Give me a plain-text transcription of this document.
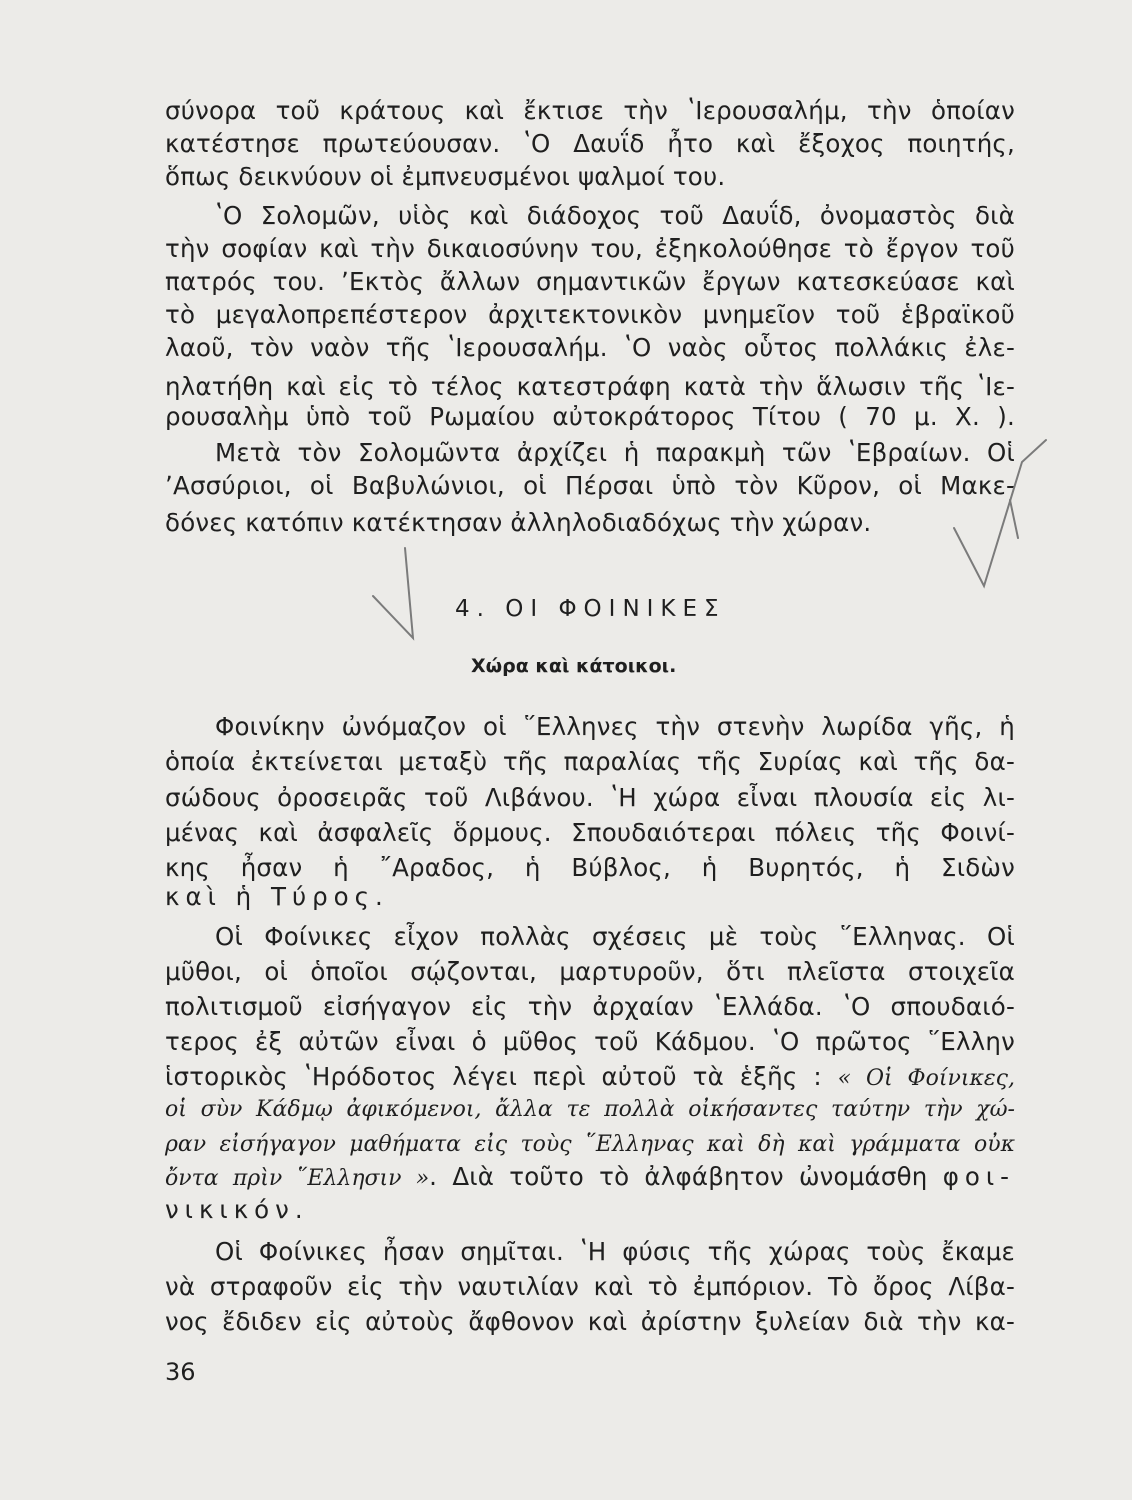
σύνορα τοῦ κράτους καὶ ἔκτισε τὴν ʽΙερουσαλήμ, τὴν ὁποίαν
κατέστησε πρωτεύουσαν. ʽΟ Δαυΐδ ἦτο καὶ ἔξοχος ποιητής,
ὅπως δεικνύουν οἱ ἐμπνευσμένοι ψαλμοί του.
ʽΟ Σολομῶν, υἱὸς καὶ διάδοχος τοῦ Δαυΐδ, ὀνομαστὸς διὰ
τὴν σοφίαν καὶ τὴν δικαιοσύνην του, ἐξηκολούθησε τὸ ἔργον τοῦ
πατρός του. ʼΕκτὸς ἄλλων σημαντικῶν ἔργων κατεσκεύασε καὶ
τὸ μεγαλοπρεπέστερον ἀρχιτεκτονικὸν μνημεῖον τοῦ ἑβραϊκοῦ
λαοῦ, τὸν ναὸν τῆς ʽΙερουσαλήμ. ʽΟ ναὸς οὗτος πολλάκις ἐλε-
ηλατήθη καὶ εἰς τὸ τέλος κατεστράφη κατὰ τὴν ἅλωσιν τῆς ʽΙε-
ρουσαλὴμ ὑπὸ τοῦ Ρωμαίου αὐτοκράτορος Τίτου ( 70 μ. Χ. ).
Μετὰ τὸν Σολομῶντα ἀρχίζει ἡ παρακμὴ τῶν ʽΕβραίων. Οἱ
ʼΑσσύριοι, οἱ Βαβυλώνιοι, οἱ Πέρσαι ὑπὸ τὸν Κῦρον, οἱ Μακε-
δόνες κατόπιν κατέκτησαν ἀλληλοδιαδόχως τὴν χώραν.
4. ΟΙ ΦΟΙΝΙΚΕΣ
Χώρα καὶ κάτοικοι.
Φοινίκην ὠνόμαζον οἱ ῞Ελληνες τὴν στενὴν λωρίδα γῆς, ἡ
ὁποία ἐκτείνεται μεταξὺ τῆς παραλίας τῆς Συρίας καὶ τῆς δα-
σώδους ὀροσειρᾶς τοῦ Λιβάνου. ʽΗ χώρα εἶναι πλουσία εἰς λι-
μένας καὶ ἀσφαλεῖς ὅρμους. Σπουδαιότεραι πόλεις τῆς Φοινί-
κης ἦσαν ἡ ῎Αραδος, ἡ Βύβλος, ἡ Βυρητός, ἡ Σιδὼν
καὶ ἡ Τύρος.
Οἱ Φοίνικες εἶχον πολλὰς σχέσεις μὲ τοὺς ῞Ελληνας. Οἱ
μῦθοι, οἱ ὁποῖοι σῴζονται, μαρτυροῦν, ὅτι πλεῖστα στοιχεῖα
πολιτισμοῦ εἰσήγαγον εἰς τὴν ἀρχαίαν ʽΕλλάδα. ʽΟ σπουδαιό-
τερος ἐξ αὐτῶν εἶναι ὁ μῦθος τοῦ Κάδμου. ʽΟ πρῶτος ῞Ελλην
ἱστορικὸς ʽΗρόδοτος λέγει περὶ αὐτοῦ τὰ ἑξῆς : « Οἱ Φοίνικες,
οἱ σὺν Κάδμῳ ἀφικόμενοι, ἄλλα τε πολλὰ οἰκήσαντες ταύτην τὴν χώ-
ραν εἰσήγαγον μαθήματα εἰς τοὺς ῞Ελληνας καὶ δὴ καὶ γράμματα οὐκ
ὄντα πρὶν ῞Ελλησιν ». Διὰ τοῦτο τὸ ἀλφάβητον ὠνομάσθη φοι-
νικικόν.
Οἱ Φοίνικες ἦσαν σημῖται. ʽΗ φύσις τῆς χώρας τοὺς ἔκαμε
νὰ στραφοῦν εἰς τὴν ναυτιλίαν καὶ τὸ ἐμπόριον. Τὸ ὄρος Λίβα-
νος ἔδιδεν εἰς αὐτοὺς ἄφθονον καὶ ἀρίστην ξυλείαν διὰ τὴν κα-
36
